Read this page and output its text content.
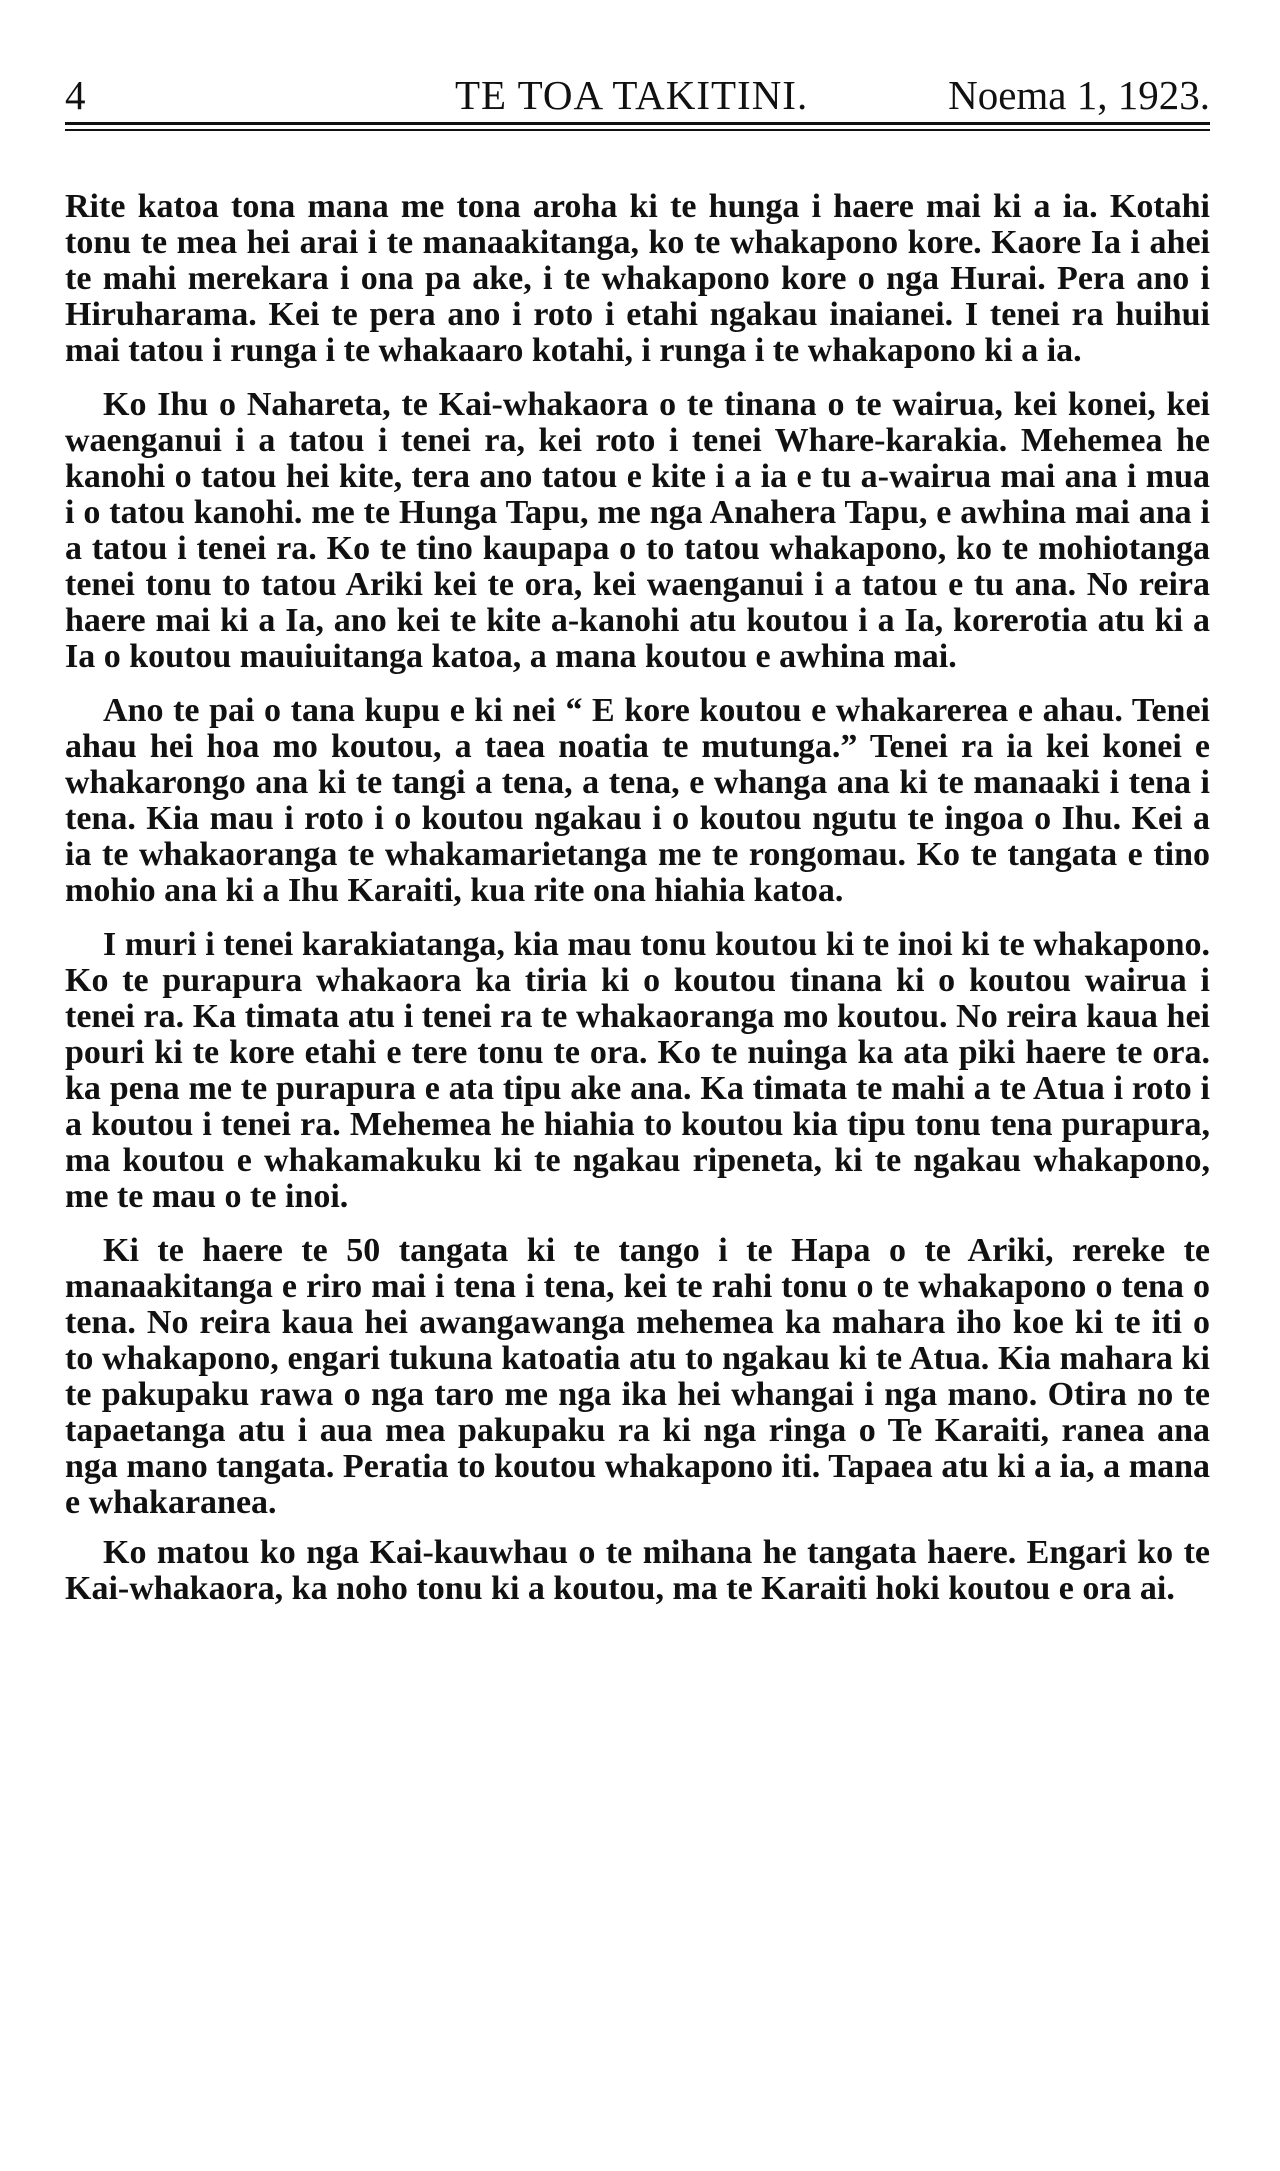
4	TE TOA TAKITINI.	Noema 1, 1923.

Rite katoa tona mana me tona aroha ki te hunga i haere mai ki a ia. Kotahi tonu te mea hei arai i te manaakitanga, ko te whakapono kore. Kaore Ia i ahei te mahi merekara i ona pa ake, i te whakapono kore o nga Hurai. Pera ano i Hiruharama. Kei te pera ano i roto i etahi ngakau inaianei. I tenei ra huihui mai tatou i runga i te whakaaro kotahi, i runga i te whakapono ki a ia.

Ko Ihu o Nahareta, te Kai-whakaora o te tinana o te wairua, kei konei, kei waenganui i a tatou i tenei ra, kei roto i tenei Whare-karakia. Mehemea he kanohi o tatou hei kite, tera ano tatou e kite i a ia e tu a-wairua mai ana i mua i o tatou kanohi. me te Hunga Tapu, me nga Anahera Tapu, e awhina mai ana i a tatou i tenei ra. Ko te tino kaupapa o to tatou whakapono, ko te mohiotanga tenei tonu to tatou Ariki kei te ora, kei waenganui i a tatou e tu ana. No reira haere mai ki a Ia, ano kei te kite a-kanohi atu koutou i a Ia, korerotia atu ki a Ia o koutou mauiuitanga katoa, a mana koutou e awhina mai.

Ano te pai o tana kupu e ki nei “ E kore koutou e whakarerea e ahau. Tenei ahau hei hoa mo koutou, a taea noatia te mutunga.” Tenei ra ia kei konei e whakarongo ana ki te tangi a tena, a tena, e whanga ana ki te manaaki i tena i tena. Kia mau i roto i o koutou ngakau i o koutou ngutu te ingoa o Ihu. Kei a ia te whakaoranga te whakamarietanga me te rongomau. Ko te tangata e tino mohio ana ki a Ihu Karaiti, kua rite ona hiahia katoa.

I muri i tenei karakiatanga, kia mau tonu koutou ki te inoi ki te whakapono. Ko te purapura whakaora ka tiria ki o koutou tinana ki o koutou wairua i tenei ra. Ka timata atu i tenei ra te whakaoranga mo koutou. No reira kaua hei pouri ki te kore etahi e tere tonu te ora. Ko te nuinga ka ata piki haere te ora. ka pena me te purapura e ata tipu ake ana. Ka timata te mahi a te Atua i roto i a koutou i tenei ra. Mehemea he hiahia to koutou kia tipu tonu tena purapura, ma koutou e whakamakuku ki te ngakau ripeneta, ki te ngakau whakapono, me te mau o te inoi.

Ki te haere te 50 tangata ki te tango i te Hapa o te Ariki, rereke te manaakitanga e riro mai i tena i tena, kei te rahi tonu o te whakapono o tena o tena. No reira kaua hei awangawanga mehemea ka mahara iho koe ki te iti o to whakapono, engari tukuna katoatia atu to ngakau ki te Atua. Kia mahara ki te pakupaku rawa o nga taro me nga ika hei whangai i nga mano. Otira no te tapaetanga atu i aua mea pakupaku ra ki nga ringa o Te Karaiti, ranea ana nga mano tangata. Peratia to koutou whakapono iti. Tapaea atu ki a ia, a mana e whakaranea.

Ko matou ko nga Kai-kauwhau o te mihana he tangata haere. Engari ko te Kai-whakaora, ka noho tonu ki a koutou, ma te Karaiti hoki koutou e ora ai.
